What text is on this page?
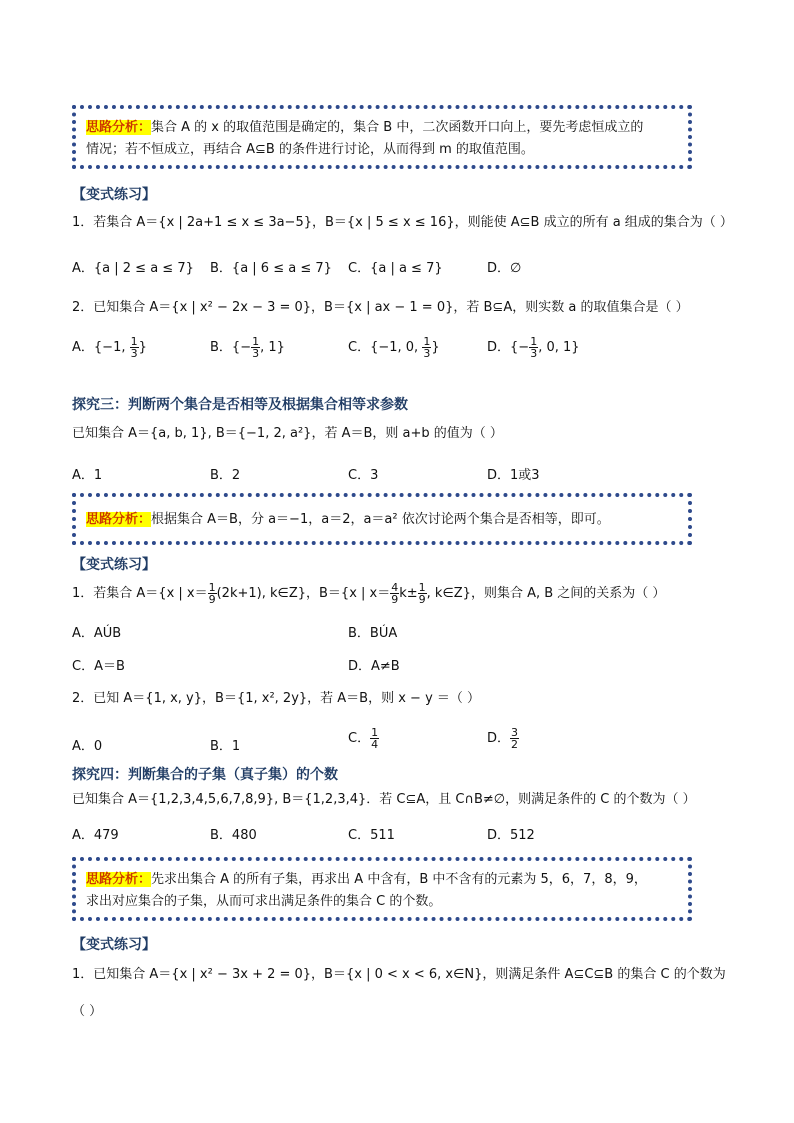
思路分析：集合 A 的 x 的取值范围是确定的，集合 B 中，二次函数开口向上，要先考虑恒成立的
情况；若不恒成立，再结合 A⊆B 的条件进行讨论，从而得到 m 的取值范围。
【变式练习】
1．若集合 A＝{x | 2a+1 ≤ x ≤ 3a−5}，B＝{x | 5 ≤ x ≤ 16}，则能使 A⊆B 成立的所有 a 组成的集合为（ ）
A．{a | 2 ≤ a ≤ 7} B．{a | 6 ≤ a ≤ 7} C．{a | a ≤ 7}	D．∅
2．已知集合 A＝{x | x² − 2x − 3 = 0}，B＝{x | ax − 1 = 0}，若 B⊆A，则实数 a 的取值集合是（ ）
A．{−1, $\frac{1}{3}$ }	B．{− $\frac{1}{3}$ , 1}	C．{−1, 0, $\frac{1}{3}$ }	D．{− $\frac{1}{3}$ , 0, 1}
探究三：判断两个集合是否相等及根据集合相等求参数
已知集合 A＝{a, b, 1}, B＝{−1, 2, a²}，若 A＝B，则 a+b 的值为（ ）
A．1	B．2	C．3	D．1或3
思路分析：根据集合 A＝B，分 a＝−1，a＝2，a＝a² 依次讨论两个集合是否相等，即可。
【变式练习】
1．若集合 A＝{x | $x= \frac{1}{9} (2k+1)$, k∈Z}，B＝{x | $x= \frac{4}{9} k\pm \frac{1}{9}$ , k∈Z}，则集合 A, B 之间的关系为（ ）
A．AÚB	B．BÚA
C．A＝B	D．A≠B
2．已知 A＝{1, x, y}，B＝{1, x², 2y}，若 A＝B，则 x − y ＝（ ）
A．0	B．1
C． $\frac{1}{4}$	D． $\frac{3}{2}$
探究四：判断集合的子集（真子集）的个数
已知集合 A＝{1,2,3,4,5,6,7,8,9}, B＝{1,2,3,4}．若 C⊆A，且 C∩B≠∅，则满足条件的 C 的个数为（ ）
A．479	B．480	C．511	D．512
思路分析：先求出集合 A 的所有子集，再求出 A 中含有，B 中不含有的元素为 5，6，7，8，9，
求出对应集合的子集，从而可求出满足条件的集合 C 的个数。
【变式练习】
1．已知集合 A＝{x | x² − 3x + 2 = 0}，B＝{x | 0 < x < 6, x∈N}，则满足条件 A⊆C⊆B 的集合 C 的个数为
（ ）
